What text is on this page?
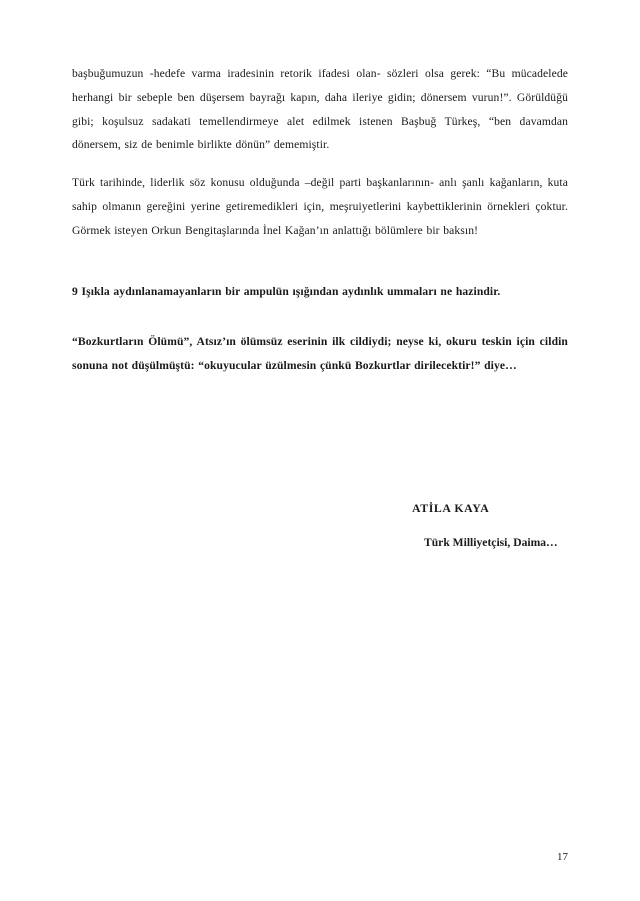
başbuğumuzun -hedefe varma iradesinin retorik ifadesi olan- sözleri olsa gerek: “Bu mücadelede herhangi bir sebeple ben düşersem bayrağı kapın, daha ileriye gidin; dönersem vurun!”. Görüldüğü gibi; koşulsuz sadakati temellendirmeye alet edilmek istenen Başbuğ Türkeş, “ben davamdan dönersem, siz de benimle birlikte dönün” dememiştir.

Türk tarihinde, liderlik söz konusu olduğunda –değil parti başkanlarının- anlı şanlı kağanların, kuta sahip olmanın gereğini yerine getiremedikleri için, meşruiyetlerini kaybettiklerinin örnekleri çoktur. Görmek isteyen Orkun Bengitaşlarında İnel Kağan’ın anlattığı bölümlere bir baksın!

9 Işıkla aydınlanamayanların bir ampulün ışığından aydınlık ummaları ne hazindir.

“Bozkurtların Ölümü”, Atsız’ın ölümsüz eserinin ilk cildiydi; neyse ki, okuru teskin için cildin sonuna not düşülmüştü: “okuyucular üzülmesin çünkü Bozkurtlar dirilecektir!” diye…

ATİLA KAYA
Türk Milliyetçisi, Daima…
17
